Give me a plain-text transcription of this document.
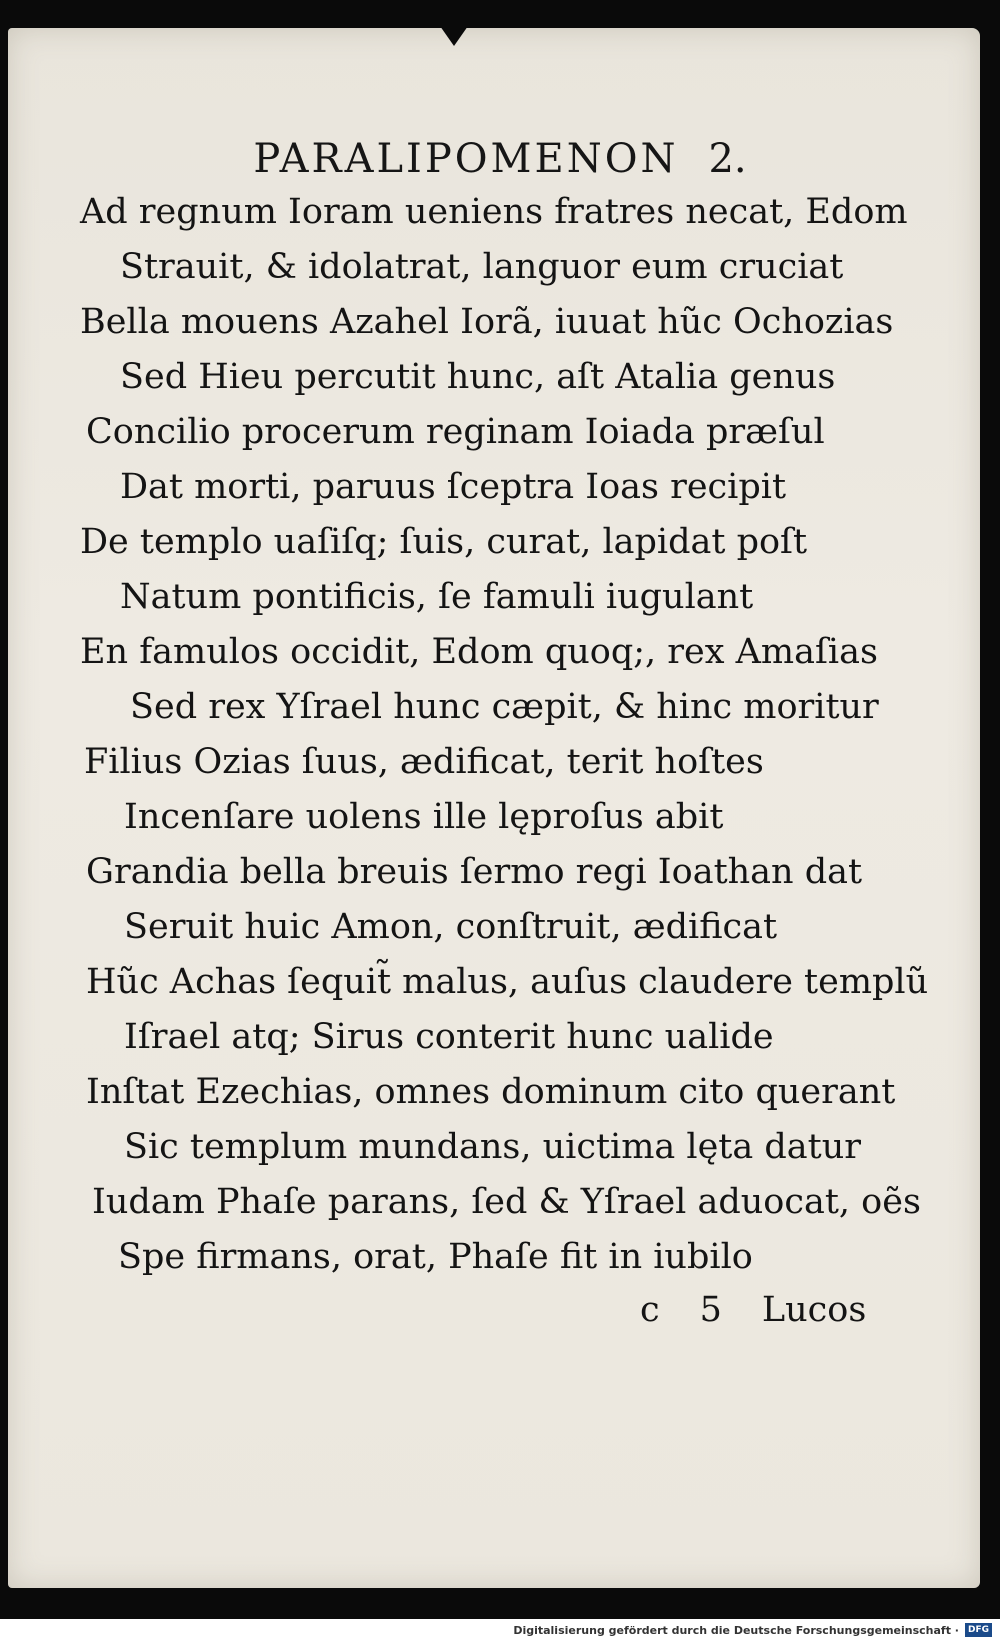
PARALIPOMENON 2.
Ad regnum Ioram ueniens fratres necat, Edom
Strauit, & idolatrat, languor eum cruciat
Bella mouens Azahel Iorã, iuuat hũc Ochozias
Sed Hieu percutit hunc, aſt Atalia genus
Concilio procerum reginam Ioiada præſul
Dat morti, paruus ſceptra Ioas recipit
De templo uaſiſq; ſuis, curat, lapidat poſt
Natum pontificis, ſe famuli iugulant
En famulos occidit, Edom quoq;, rex Amaſias
Sed rex Yſrael hunc cæpit, & hinc moritur
Filius Ozias ſuus, ædificat, terit hoſtes
Incenſare uolens ille lęproſus abit
Grandia bella breuis ſermo regi Ioathan dat
Seruit huic Amon, conſtruit, ædificat
Hũc Achas ſequit̃ malus, auſus claudere templũ
Iſrael atq; Sirus conterit hunc ualide
Inſtat Ezechias, omnes dominum cito querant
Sic templum mundans, uictima lęta datur
Iudam Phaſe parans, ſed & Yſrael aduocat, oẽs
Spe firmans, orat, Phaſe fit in iubilo
c 5 Lucos
Digitalisierung gefördert durch die Deutsche Forschungsgemeinschaft ·	DFG
